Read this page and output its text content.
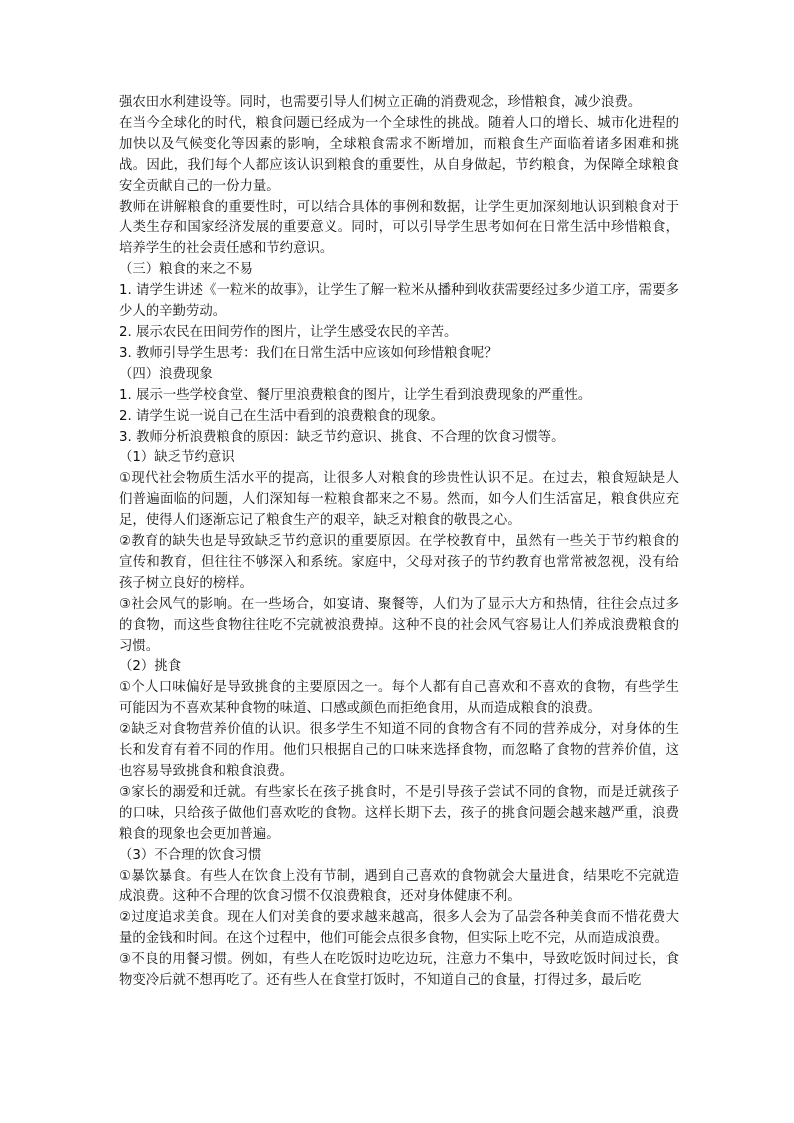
强农田水利建设等。同时，也需要引导人们树立正确的消费观念，珍惜粮食，减少浪费。

在当今全球化的时代，粮食问题已经成为一个全球性的挑战。随着人口的增长、城市化进程的加快以及气候变化等因素的影响，全球粮食需求不断增加，而粮食生产面临着诸多困难和挑战。因此，我们每个人都应该认识到粮食的重要性，从自身做起，节约粮食，为保障全球粮食安全贡献自己的一份力量。

教师在讲解粮食的重要性时，可以结合具体的事例和数据，让学生更加深刻地认识到粮食对于人类生存和国家经济发展的重要意义。同时，可以引导学生思考如何在日常生活中珍惜粮食，培养学生的社会责任感和节约意识。

（三）粮食的来之不易

1. 请学生讲述《一粒米的故事》，让学生了解一粒米从播种到收获需要经过多少道工序，需要多少人的辛勤劳动。

2. 展示农民在田间劳作的图片，让学生感受农民的辛苦。

3. 教师引导学生思考：我们在日常生活中应该如何珍惜粮食呢？

（四）浪费现象

1. 展示一些学校食堂、餐厅里浪费粮食的图片，让学生看到浪费现象的严重性。

2. 请学生说一说自己在生活中看到的浪费粮食的现象。

3. 教师分析浪费粮食的原因：缺乏节约意识、挑食、不合理的饮食习惯等。

（1）缺乏节约意识

①现代社会物质生活水平的提高，让很多人对粮食的珍贵性认识不足。在过去，粮食短缺是人们普遍面临的问题，人们深知每一粒粮食都来之不易。然而，如今人们生活富足，粮食供应充足，使得人们逐渐忘记了粮食生产的艰辛，缺乏对粮食的敬畏之心。

②教育的缺失也是导致缺乏节约意识的重要原因。在学校教育中，虽然有一些关于节约粮食的宣传和教育，但往往不够深入和系统。家庭中，父母对孩子的节约教育也常常被忽视，没有给孩子树立良好的榜样。

③社会风气的影响。在一些场合，如宴请、聚餐等，人们为了显示大方和热情，往往会点过多的食物，而这些食物往往吃不完就被浪费掉。这种不良的社会风气容易让人们养成浪费粮食的习惯。

（2）挑食

①个人口味偏好是导致挑食的主要原因之一。每个人都有自己喜欢和不喜欢的食物，有些学生可能因为不喜欢某种食物的味道、口感或颜色而拒绝食用，从而造成粮食的浪费。

②缺乏对食物营养价值的认识。很多学生不知道不同的食物含有不同的营养成分，对身体的生长和发育有着不同的作用。他们只根据自己的口味来选择食物，而忽略了食物的营养价值，这也容易导致挑食和粮食浪费。

③家长的溺爱和迁就。有些家长在孩子挑食时，不是引导孩子尝试不同的食物，而是迁就孩子的口味，只给孩子做他们喜欢吃的食物。这样长期下去，孩子的挑食问题会越来越严重，浪费粮食的现象也会更加普遍。

（3）不合理的饮食习惯

①暴饮暴食。有些人在饮食上没有节制，遇到自己喜欢的食物就会大量进食，结果吃不完就造成浪费。这种不合理的饮食习惯不仅浪费粮食，还对身体健康不利。

②过度追求美食。现在人们对美食的要求越来越高，很多人会为了品尝各种美食而不惜花费大量的金钱和时间。在这个过程中，他们可能会点很多食物，但实际上吃不完，从而造成浪费。

③不良的用餐习惯。例如，有些人在吃饭时边吃边玩，注意力不集中，导致吃饭时间过长，食物变冷后就不想再吃了。还有些人在食堂打饭时，不知道自己的食量，打得过多，最后吃
